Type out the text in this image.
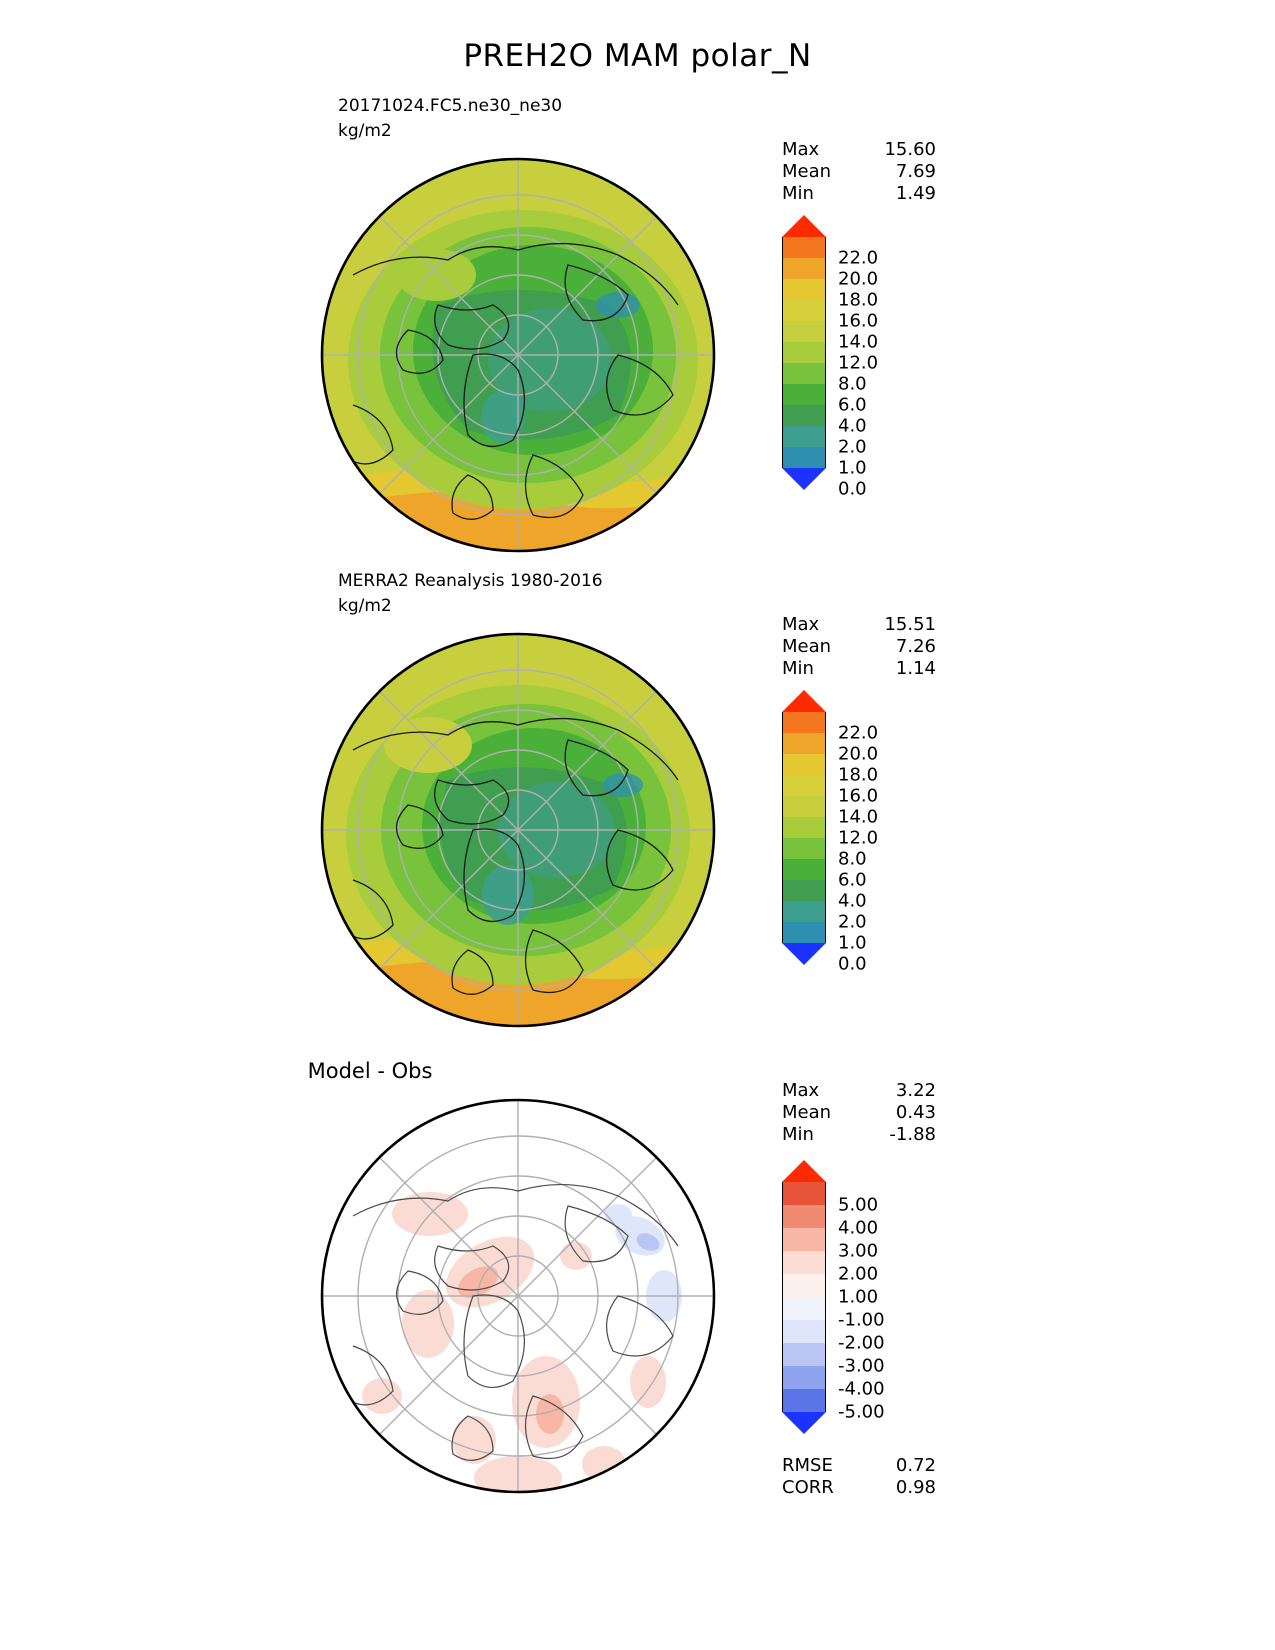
PREH2O MAM polar_N
20171024.FC5.ne30_ne30
kg/m2
Max	15.60
Mean	7.69
Min	1.49
22.0
20.0
18.0
16.0
14.0
12.0
8.0
6.0
4.0
2.0
1.0
0.0
MERRA2 Reanalysis 1980-2016
kg/m2
Max	15.51
Mean	7.26
Min	1.14
22.0
20.0
18.0
16.0
14.0
12.0
8.0
6.0
4.0
2.0
1.0
0.0
Model - Obs
Max	3.22
Mean	0.43
Min	-1.88
5.00
4.00
3.00
2.00
1.00
-1.00
-2.00
-3.00
-4.00
-5.00
RMSE	0.72
CORR	0.98
